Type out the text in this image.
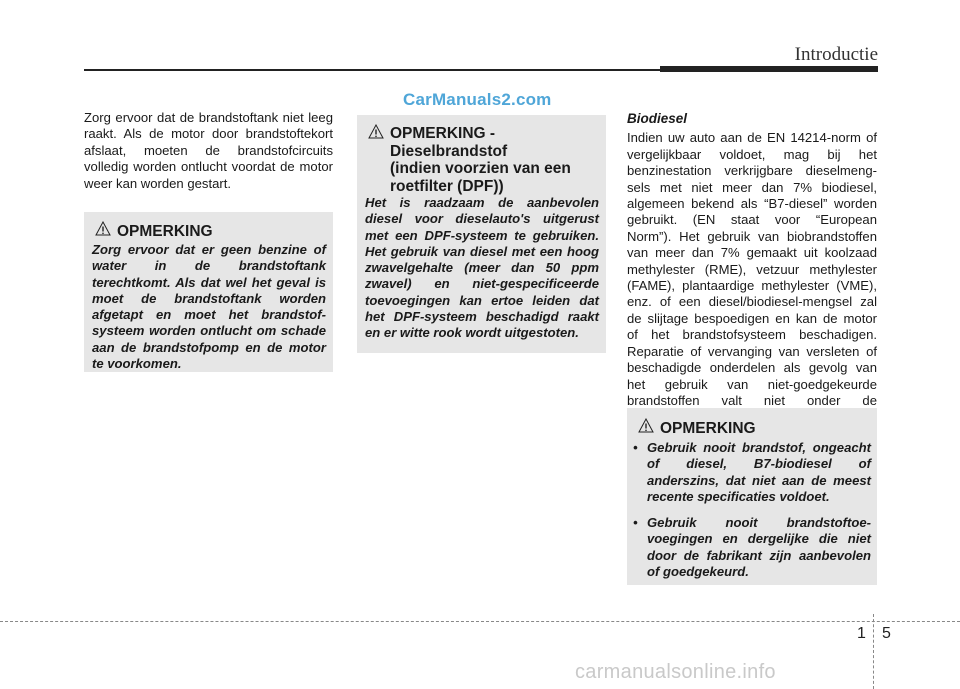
Introductie
CarManuals2.com
Zorg ervoor dat de brandstoftank niet leeg raakt. Als de motor door brandstoftekort afslaat, moeten de brandstofcircuits volledig worden ontlucht voordat de motor weer kan worden gestart.
OPMERKING
Zorg ervoor dat er geen benzine of water in de brandstoftank terechtkomt. Als dat wel het geval is moet de brandstoftank worden afgetapt en moet het brandstof-systeem worden ontlucht om schade aan de brandstofpomp en de motor te voorkomen.
OPMERKING -
Dieselbrandstof
(indien voorzien van een
roetfilter (DPF))
Het is raadzaam de aanbevolen diesel voor dieselauto's uitgerust met een DPF-systeem te gebruiken. Het gebruik van diesel met een hoog zwavelgehalte (meer dan 50 ppm zwavel) en niet-gespecificeerde toevoegingen kan ertoe leiden dat het DPF-systeem beschadigd raakt en er witte rook wordt uitgestoten.
Biodiesel
Indien uw auto aan de EN 14214-norm of vergelijkbaar voldoet, mag bij het benzinestation verkrijgbare dieselmeng-sels met niet meer dan 7% biodiesel, algemeen bekend als “B7-diesel” worden gebruikt. (EN staat voor “European Norm”). Het gebruik van biobrandstoffen van meer dan 7% gemaakt uit koolzaad methylester (RME), vetzuur methylester (FAME), plantaardige methylester (VME), enz. of een diesel/biodiesel-mengsel zal de slijtage bespoedigen en kan de motor of het brandstofsysteem beschadigen. Reparatie of vervanging van versleten of beschadigde onderdelen als gevolg van het gebruik van niet-goedgekeurde brandstoffen valt niet onder de
OPMERKING
• Gebruik nooit brandstof, ongeacht of diesel, B7-biodiesel of anderszins, dat niet aan de meest recente specificaties voldoet.
• Gebruik nooit brandstoftoe-voegingen en dergelijke die niet door de fabrikant zijn aanbevolen of goedgekeurd.
1 5
carmanualsonline.info
